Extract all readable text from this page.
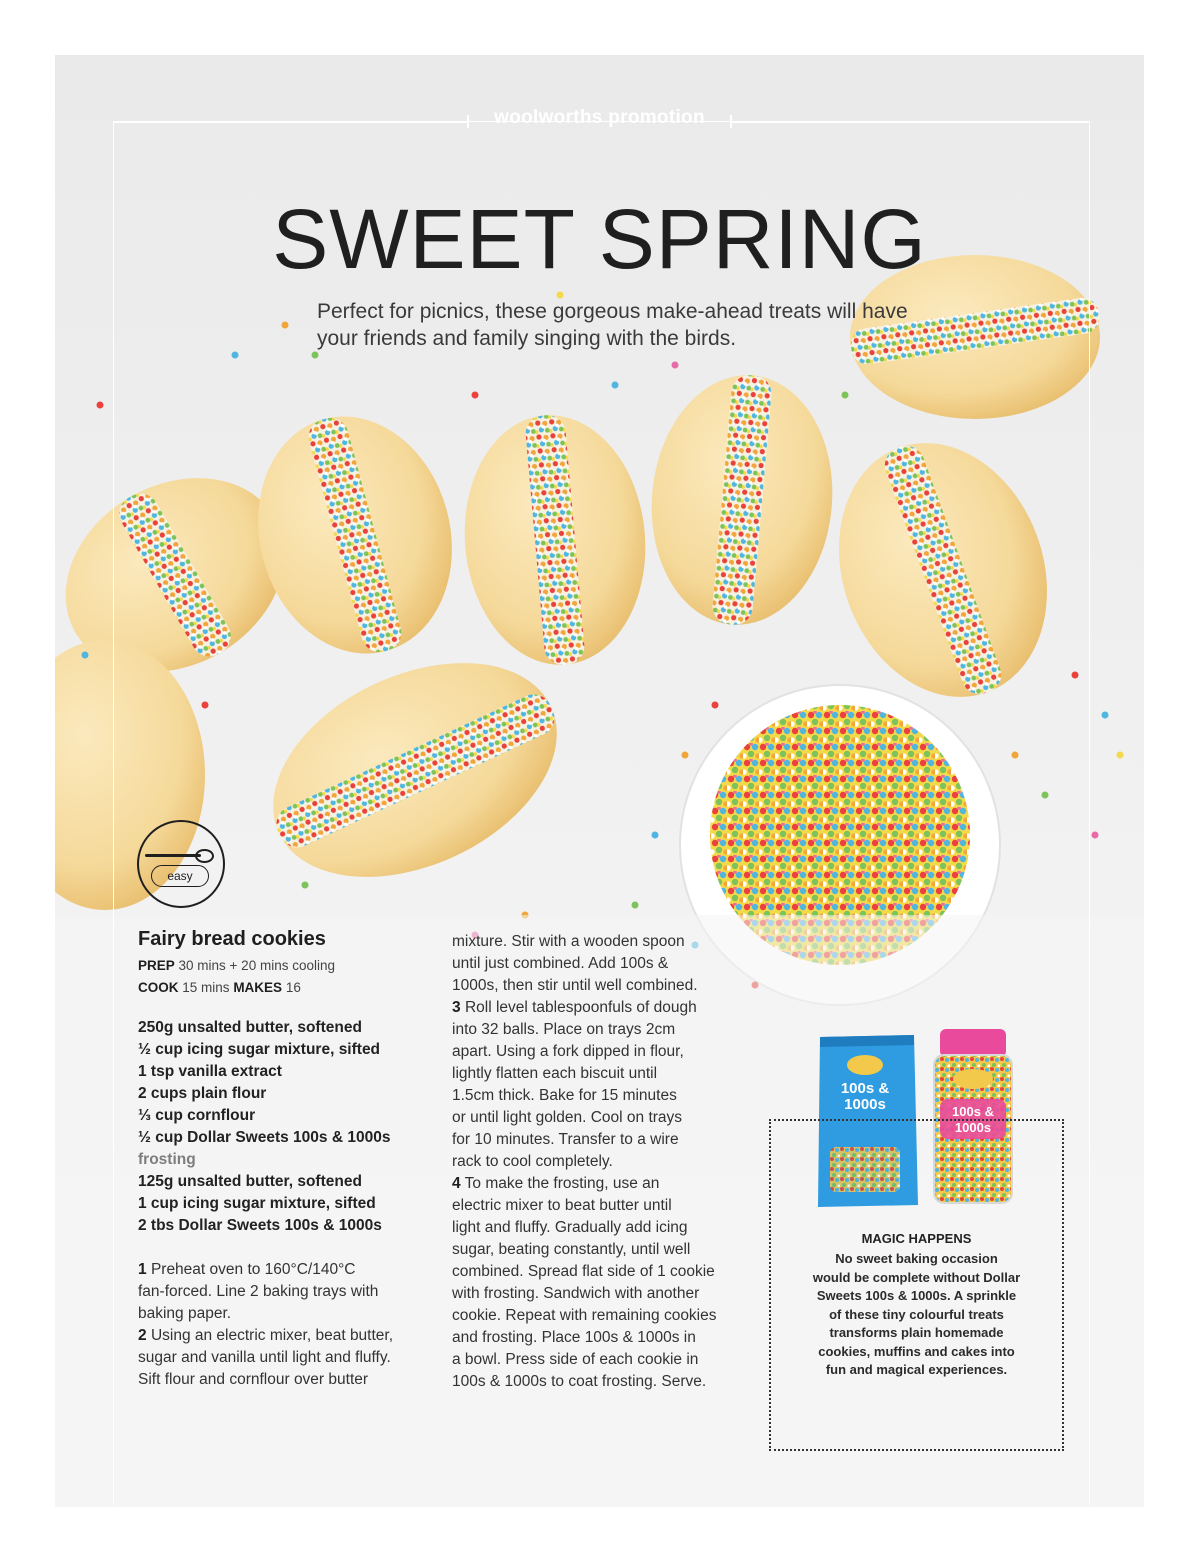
100s &
1000s	100s &
1000s
woolworths promotion
SWEET SPRING
Perfect for picnics, these gorgeous make-ahead treats will have your friends and family singing with the birds.
easy
Fairy bread cookies
PREP 30 mins + 20 mins cooling
COOK 15 mins MAKES 16
250g unsalted butter, softened
½ cup icing sugar mixture, sifted
1 tsp vanilla extract
2 cups plain flour
⅓ cup cornflour
½ cup Dollar Sweets 100s & 1000s
frosting
125g unsalted butter, softened
1 cup icing sugar mixture, sifted
2 tbs Dollar Sweets 100s & 1000s
1 Preheat oven to 160°C/140°C
fan-forced. Line 2 baking trays with
baking paper.
2 Using an electric mixer, beat butter,
sugar and vanilla until light and fluffy.
Sift flour and cornflour over butter
mixture. Stir with a wooden spoon
until just combined. Add 100s &
1000s, then stir until well combined.
3 Roll level tablespoonfuls of dough
into 32 balls. Place on trays 2cm
apart. Using a fork dipped in flour,
lightly flatten each biscuit until
1.5cm thick. Bake for 15 minutes
or until light golden. Cool on trays
for 10 minutes. Transfer to a wire
rack to cool completely.
4 To make the frosting, use an
electric mixer to beat butter until
light and fluffy. Gradually add icing
sugar, beating constantly, until well
combined. Spread flat side of 1 cookie
with frosting. Sandwich with another
cookie. Repeat with remaining cookies
and frosting. Place 100s & 1000s in
a bowl. Press side of each cookie in
100s & 1000s to coat frosting. Serve.
MAGIC HAPPENS
No sweet baking occasion
would be complete without Dollar
Sweets 100s & 1000s. A sprinkle
of these tiny colourful treats
transforms plain homemade
cookies, muffins and cakes into
fun and magical experiences.
